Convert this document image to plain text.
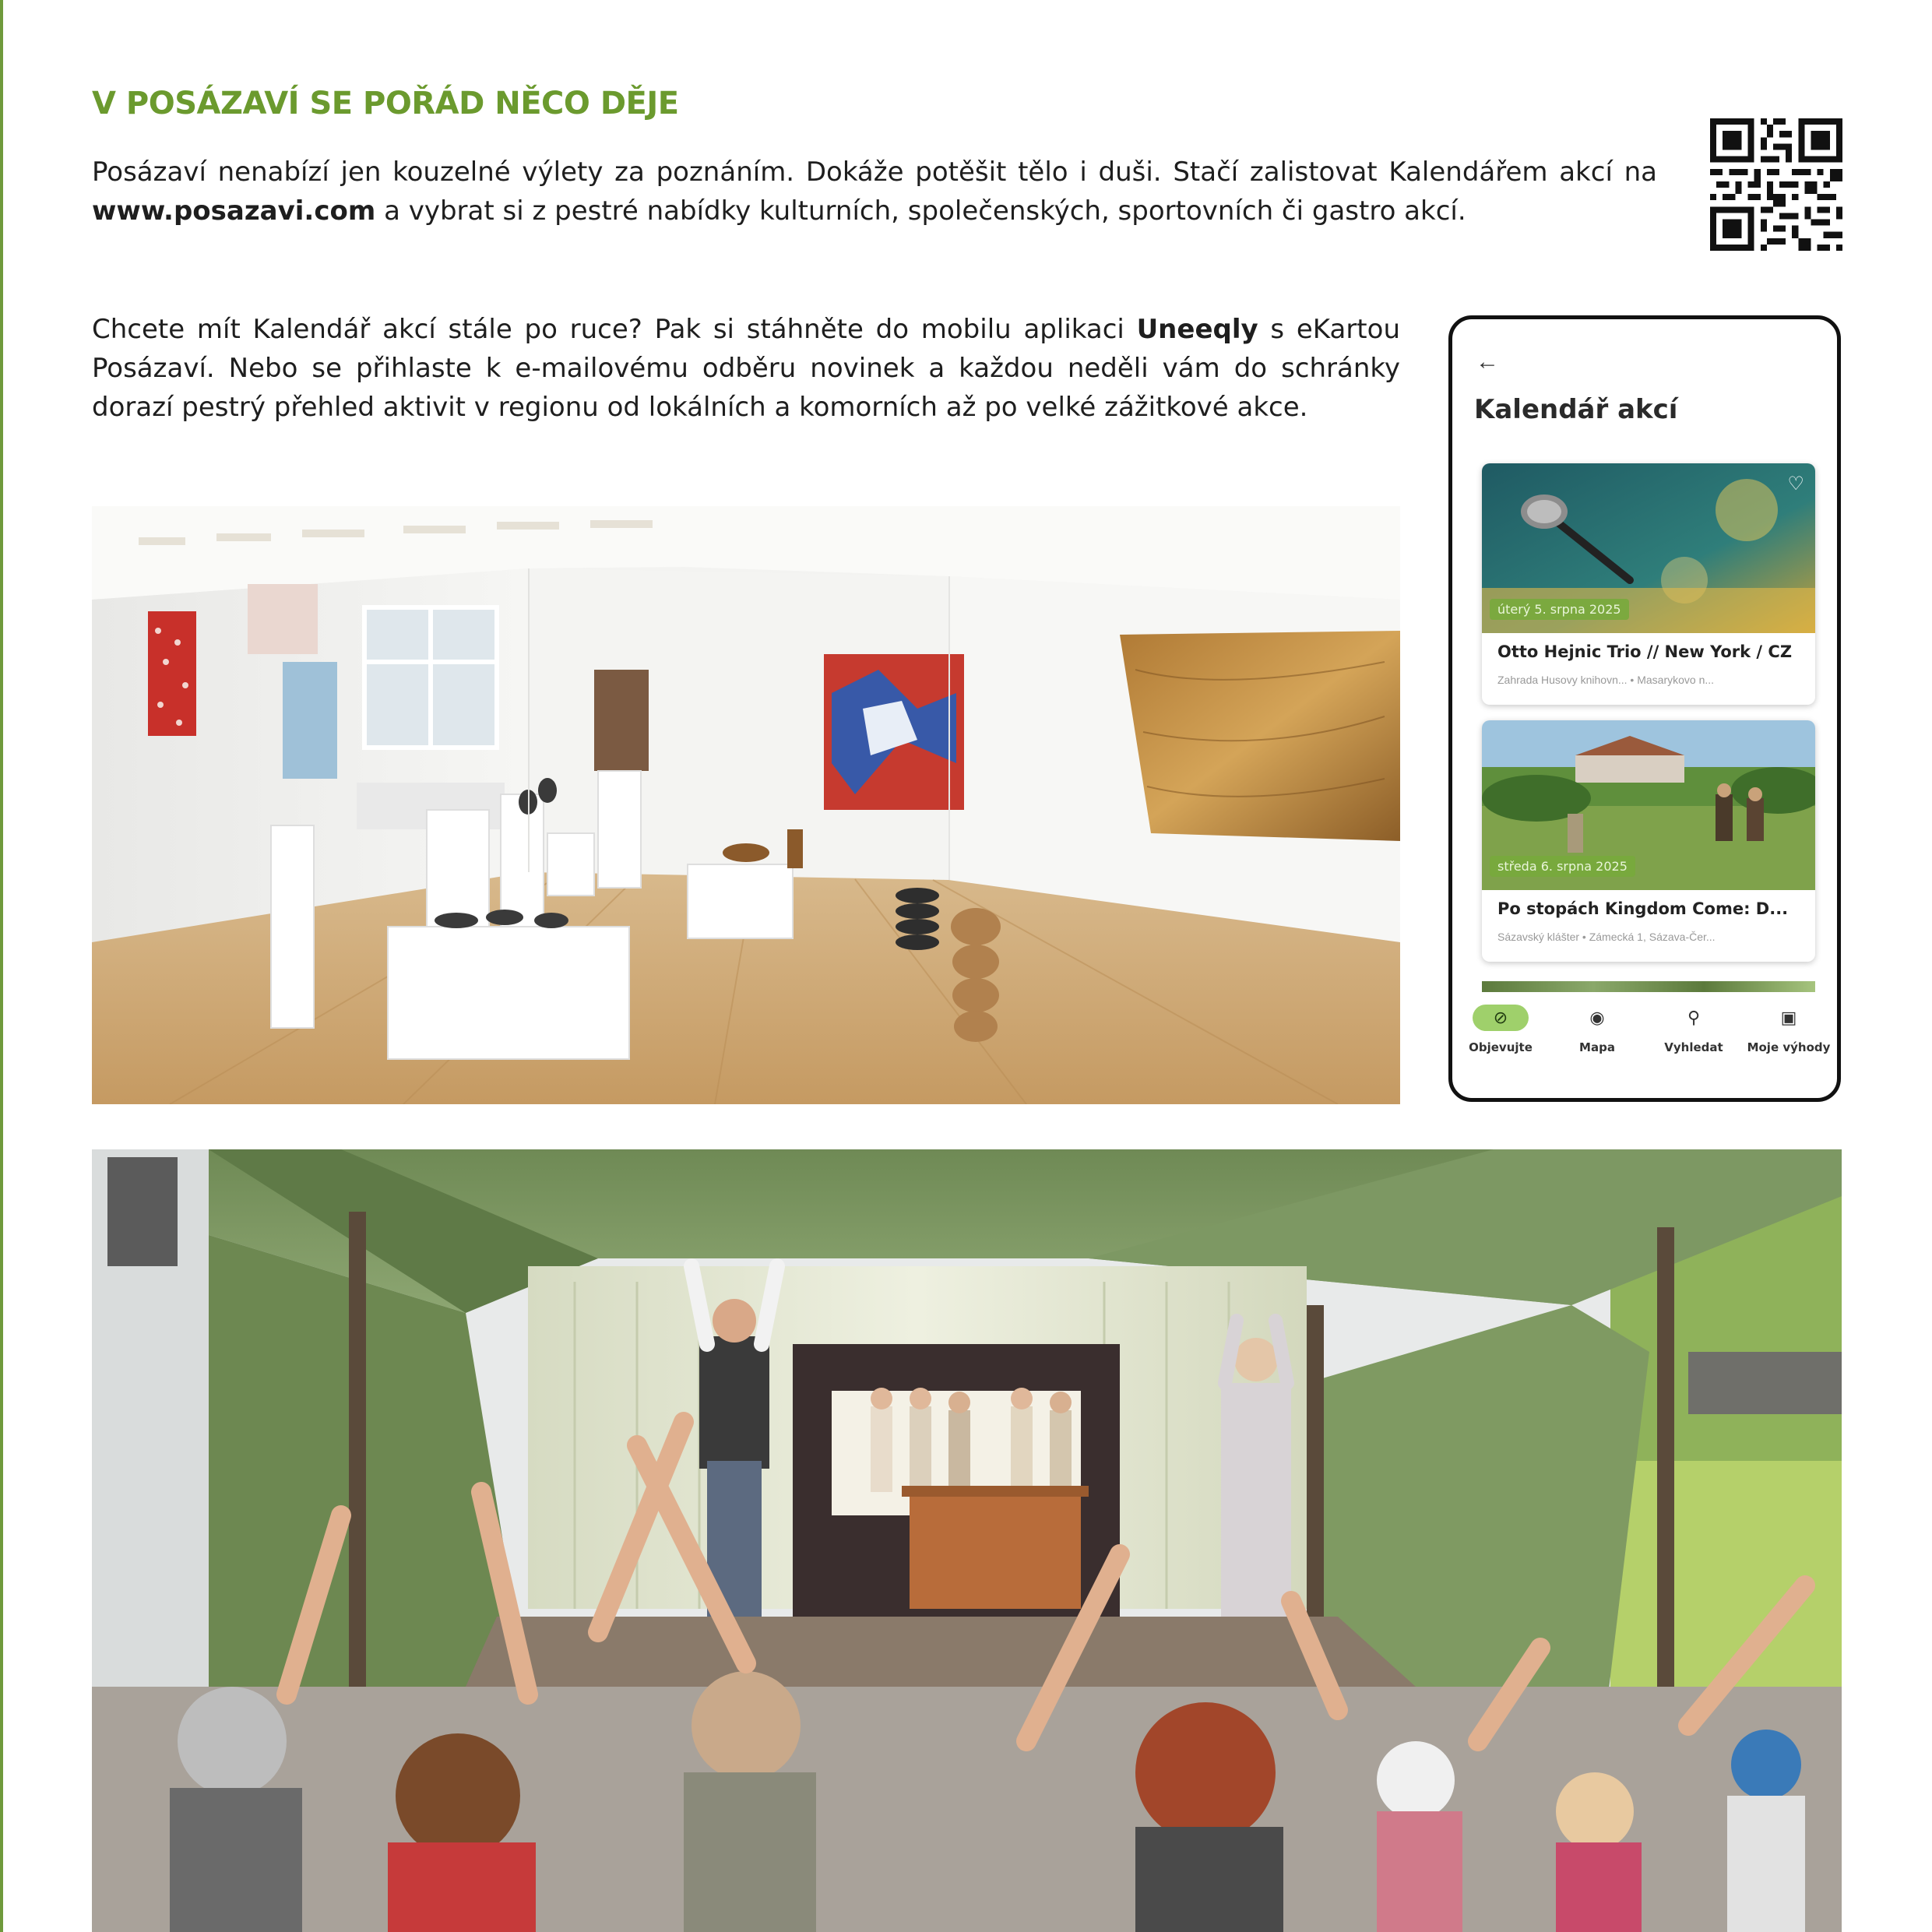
V POSÁZAVÍ SE POŘÁD NĚCO DĚJE

Posázaví nenabízí jen kouzelné výlety za poznáním. Dokáže potěšit tělo i duši. Stačí zalistovat Kalendářem akcí na www.posazavi.com a vybrat si z pestré nabídky kulturních, společenských, sportovních či gastro akcí.

Chcete mít Kalendář akcí stále po ruce? Pak si stáhněte do mobilu aplikaci Uneeqly s eKartou Posázaví. Nebo se přihlaste k e-mailovému odběru novinek a každou neděli vám do schránky dorazí pestrý přehled aktivit v regionu od lokálních a komorních až po velké zážitkové akce.

←
Kalendář akcí
♡
úterý 5. srpna 2025
Otto Hejnic Trio // New York / CZ
Zahrada Husovy knihovn... • Masarykovo n...
středa 6. srpna 2025
Po stopách Kingdom Come: D...
Sázavský klášter • Zámecká 1, Sázava-Čer...
⊘
Objevujte
◉
Mapa
⚲
Vyhledat
▣
Moje výhody
